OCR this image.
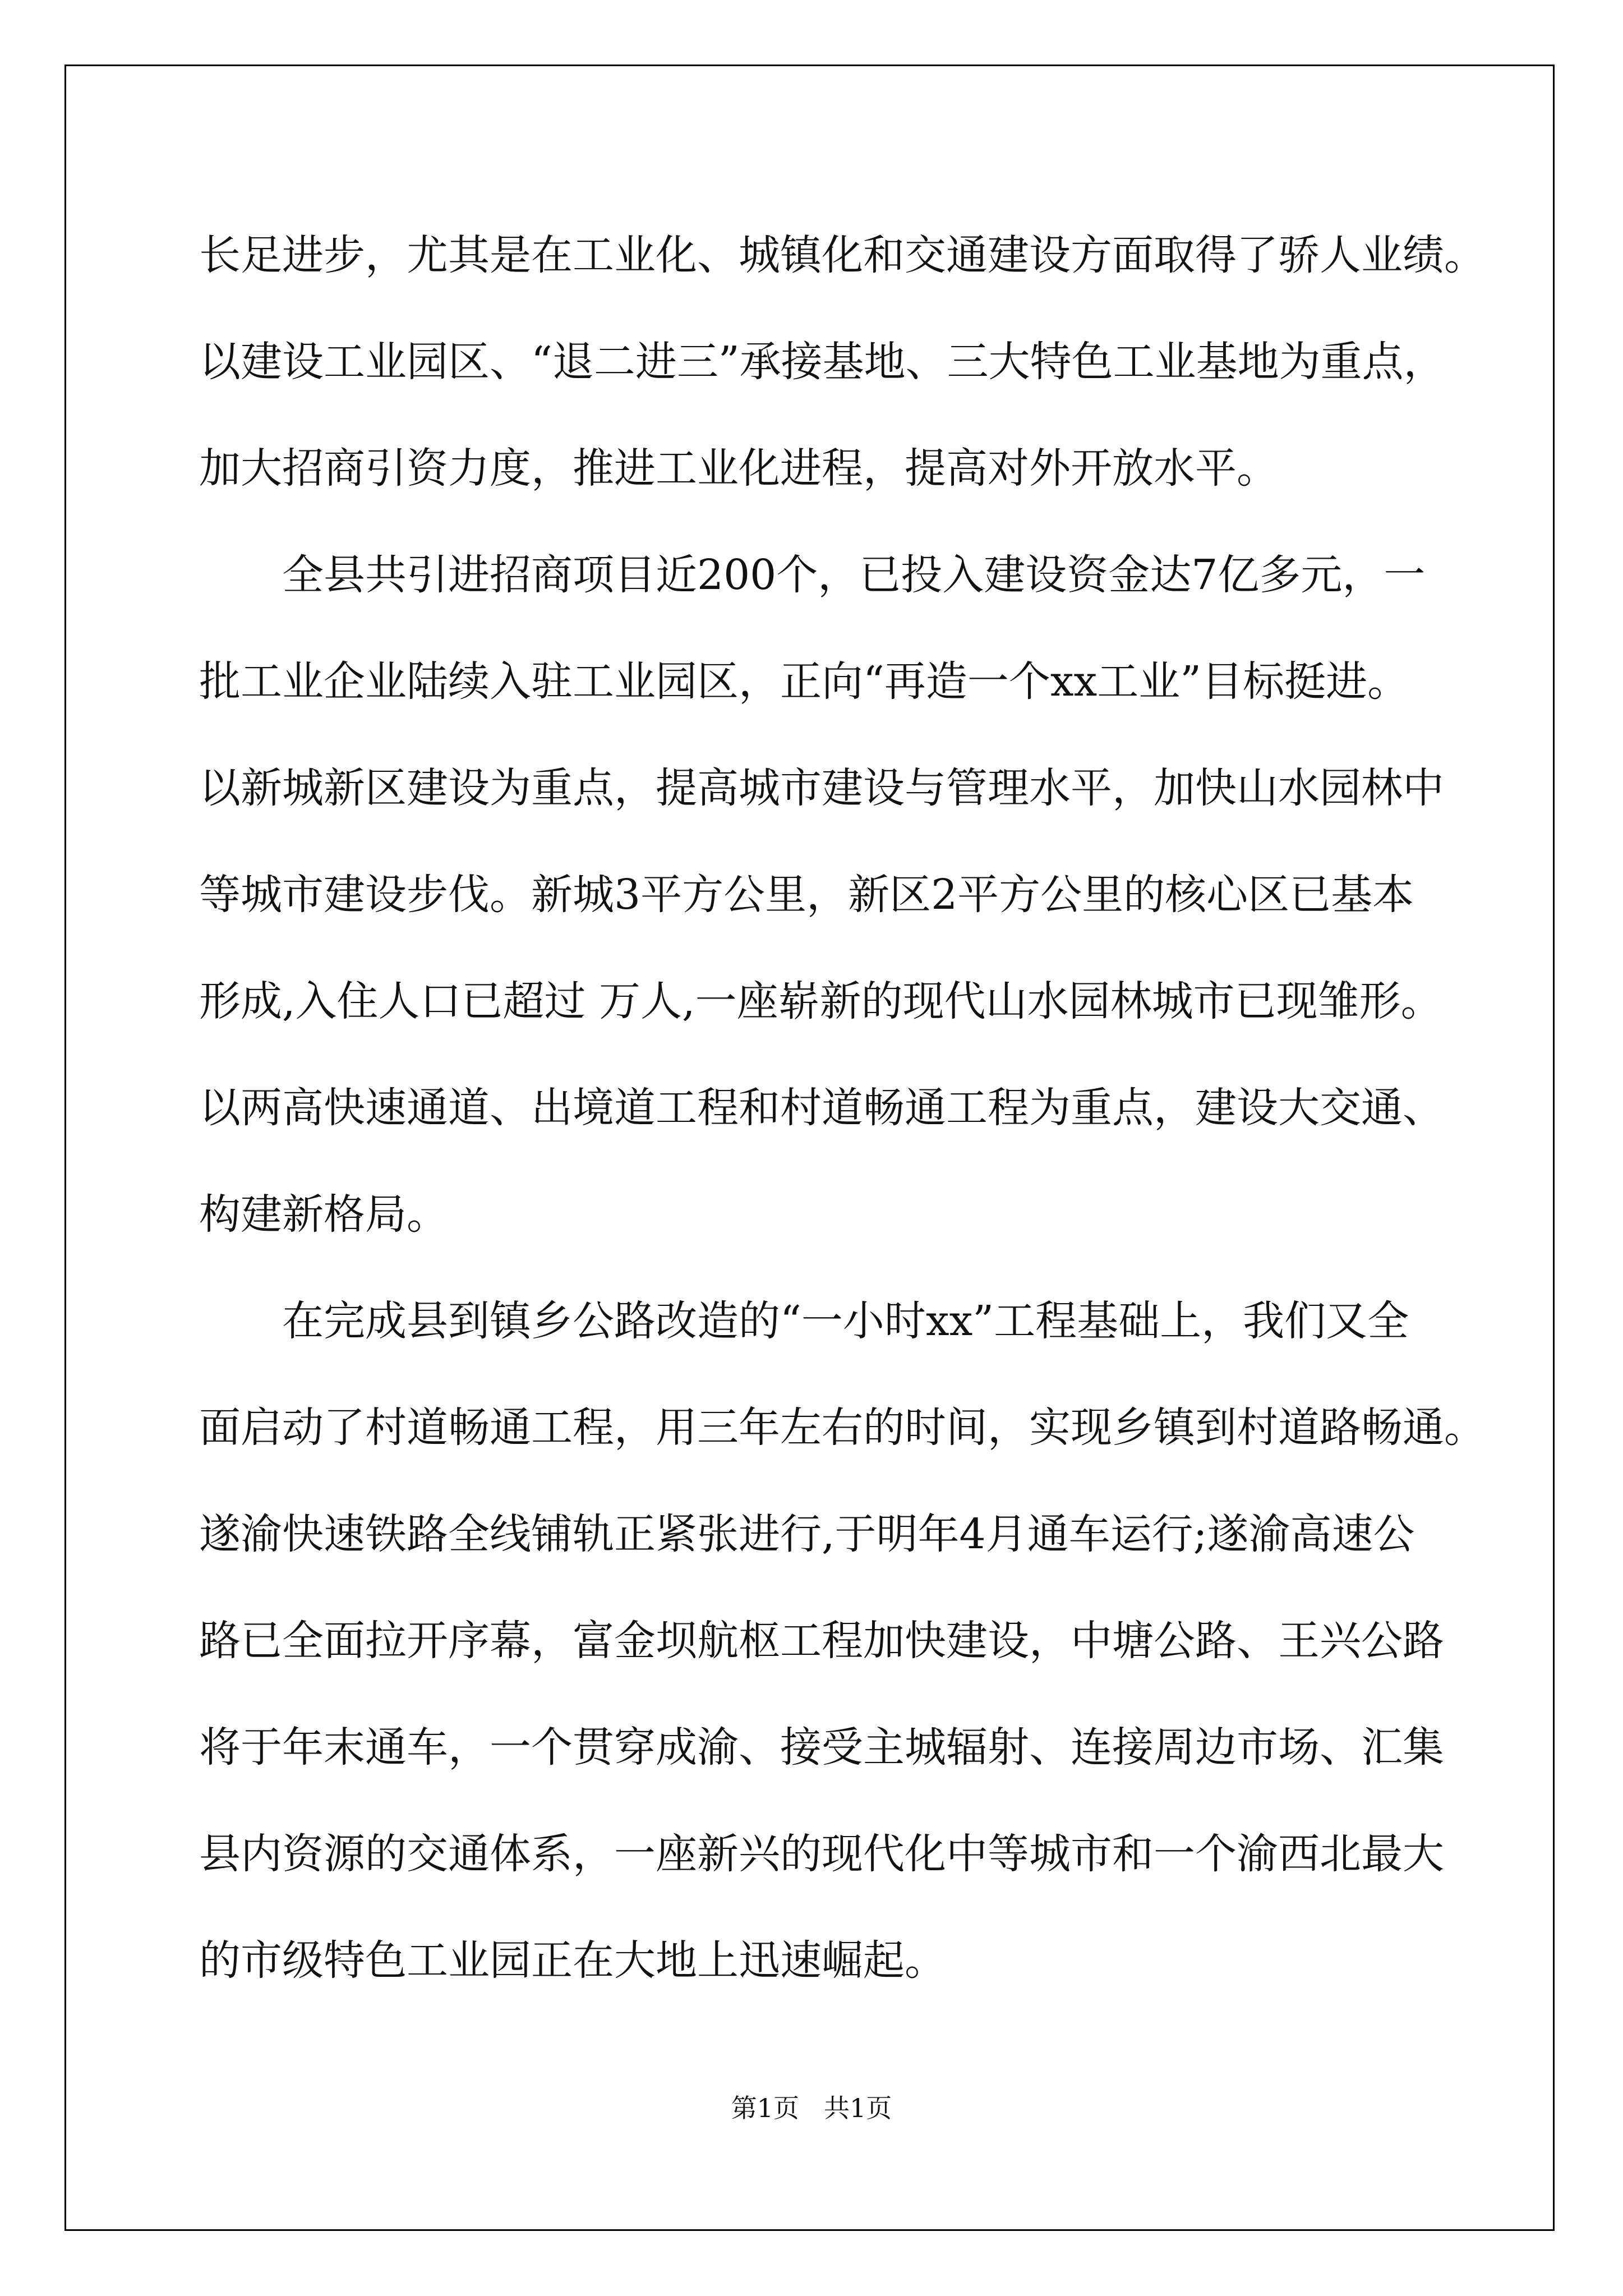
长足进步，尤其是在工业化、城镇化和交通建设方面取得了骄人业绩。
以建设工业园区、“退二进三”承接基地、三大特色工业基地为重点，
加大招商引资力度，推进工业化进程，提高对外开放水平。
全县共引进招商项目近200个，已投入建设资金达7亿多元，一
批工业企业陆续入驻工业园区，正向“再造一个xx工业”目标挺进。
以新城新区建设为重点，提高城市建设与管理水平，加快山水园林中
等城市建设步伐。新城3平方公里，新区2平方公里的核心区已基本
形成,入住人口已超过 万人,一座崭新的现代山水园林城市已现雏形。
以两高快速通道、出境道工程和村道畅通工程为重点，建设大交通、
构建新格局。
在完成县到镇乡公路改造的“一小时xx”工程基础上，我们又全
面启动了村道畅通工程，用三年左右的时间，实现乡镇到村道路畅通。
遂渝快速铁路全线铺轨正紧张进行,于明年4月通车运行;遂渝高速公
路已全面拉开序幕，富金坝航枢工程加快建设，中塘公路、王兴公路
将于年末通车，一个贯穿成渝、接受主城辐射、连接周边市场、汇集
县内资源的交通体系，一座新兴的现代化中等城市和一个渝西北最大
的市级特色工业园正在大地上迅速崛起。
第1页 共1页
